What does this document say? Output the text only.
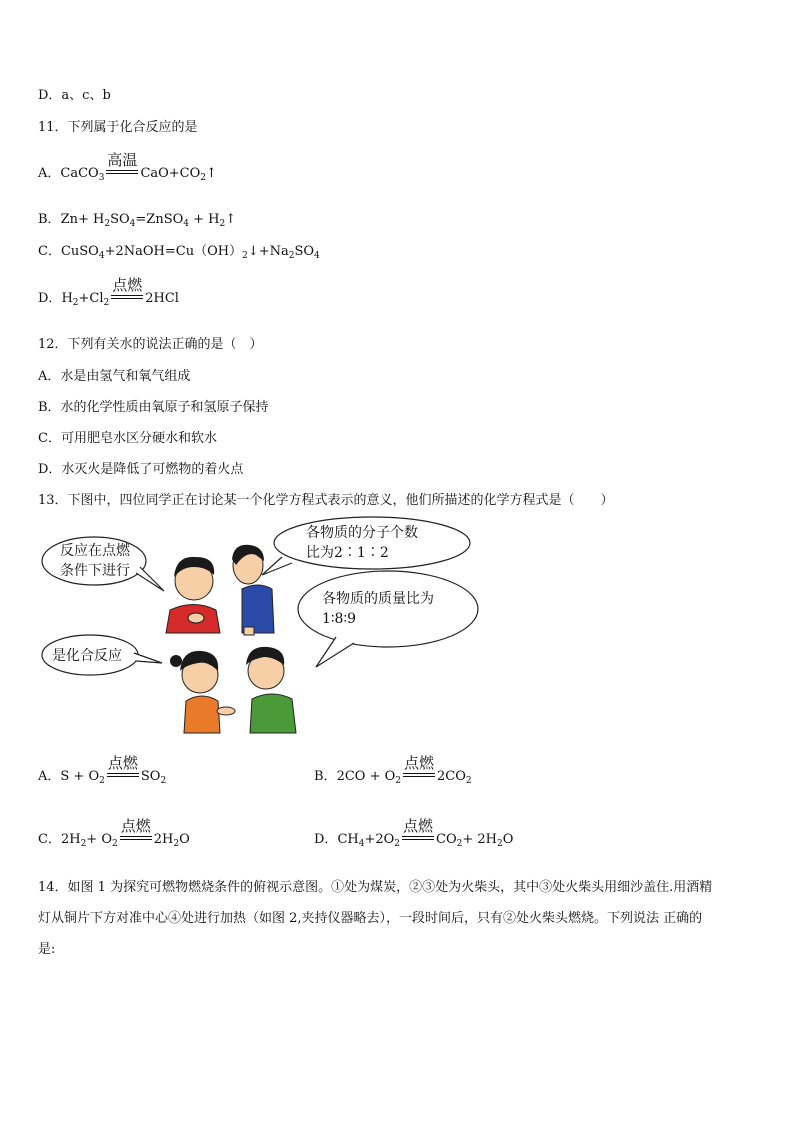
D．a、c、b
11．下列属于化合反应的是
A．CaCO$_3$
高温
$CaO+CO_2↑$
B．$Zn+ H_2SO_4=ZnSO_4$ + $H_2↑$
C．$CuSO_4+2NaOH=Cu(OH)_2↓+Na_2SO_4$
D．$H_2+Cl_2$
点燃
2HCl
12．下列有关水的说法正确的是（　）
A．水是由氢气和氧气组成
B．水的化学性质由氧原子和氢原子保持
C．可用肥皂水区分硬水和软水
D．水灭火是降低了可燃物的着火点
13．下图中，四位同学正在讨论某一个化学方程式表示的意义，他们所描述的化学方程式是（　　）
反应在点燃
条件下进行
各物质的分子个数
比为2∶1∶2
各物质的质量比为
1∶8∶9
是化合反应
A．$S + O_2$
点燃
$SO_2$	B．$2CO + O_2$
点燃
$2CO_2$
C．$2H_2+ O_2$
点燃
$2H_2O$	D．$CH_4+2O_2$
点燃
$CO_2+ 2H_2O$
14．如图 1 为探究可燃物燃烧条件的俯视示意图。①处为煤炭，②③处为火柴头，其中③处火柴头用细沙盖住.用酒精
灯从铜片下方对准中心④处进行加热（如图 2,夹持仪器略去），一段时间后，只有②处火柴头燃烧。下列说法 正确的
是:
